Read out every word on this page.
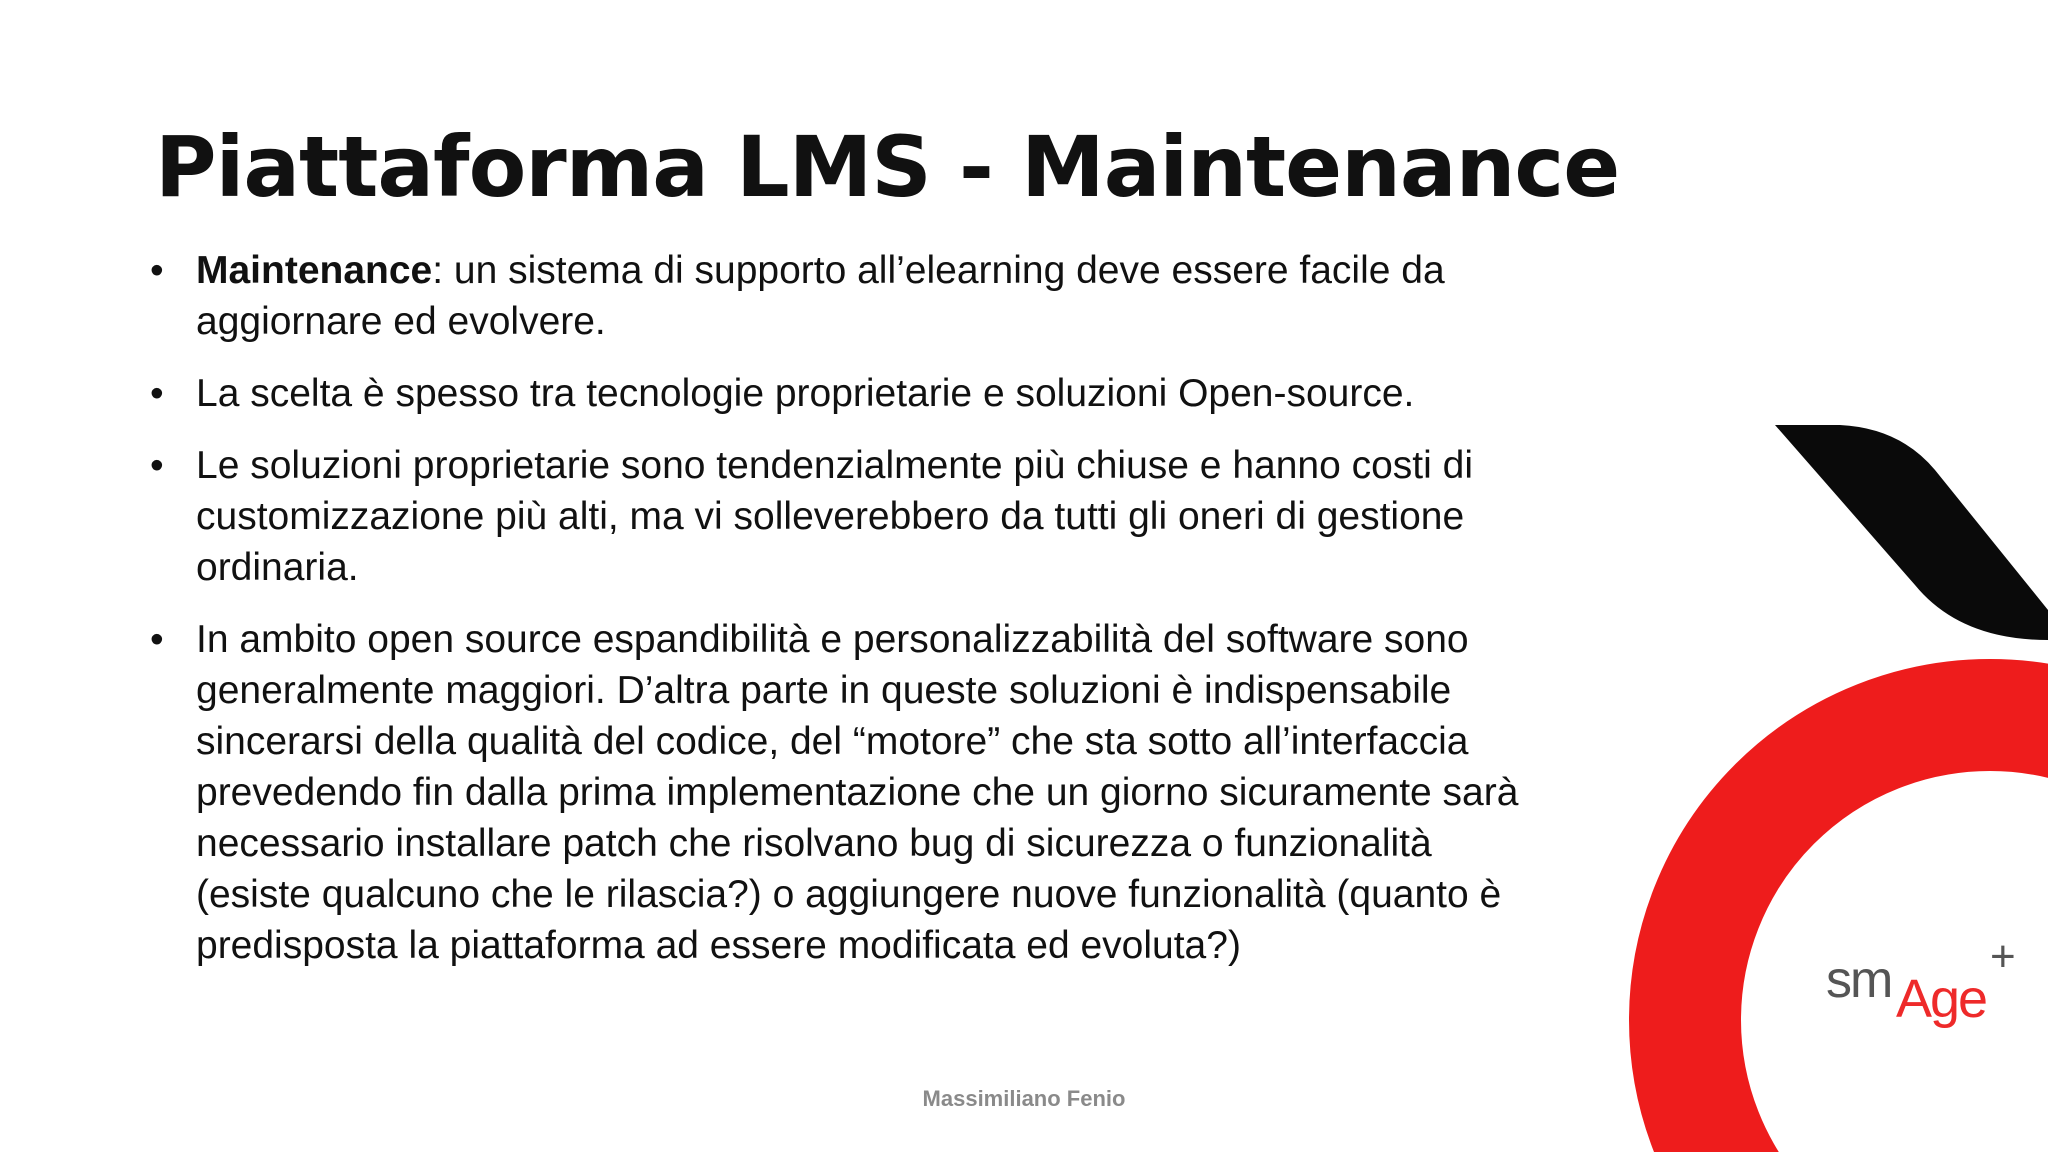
Piattaforma LMS - Maintenance
• Maintenance: un sistema di supporto all’elearning deve essere facile da aggiornare ed evolvere.
• La scelta è spesso tra tecnologie proprietarie e soluzioni Open-source.
• Le soluzioni proprietarie sono tendenzialmente più chiuse e hanno costi di customizzazione più alti, ma vi solleverebbero da tutti gli oneri di gestione ordinaria.
• In ambito open source espandibilità e personalizzabilità del software sono generalmente maggiori. D’altra parte in queste soluzioni è indispensabile sincerarsi della qualità del codice, del “motore” che sta sotto all’interfaccia prevedendo fin dalla prima implementazione che un giorno sicuramente sarà necessario installare patch che risolvano bug di sicurezza o funzionalità (esiste qualcuno che le rilascia?) o aggiungere nuove funzionalità (quanto è predisposta la piattaforma ad essere modificata ed evoluta?)
sm Age
+
Massimiliano Fenio
